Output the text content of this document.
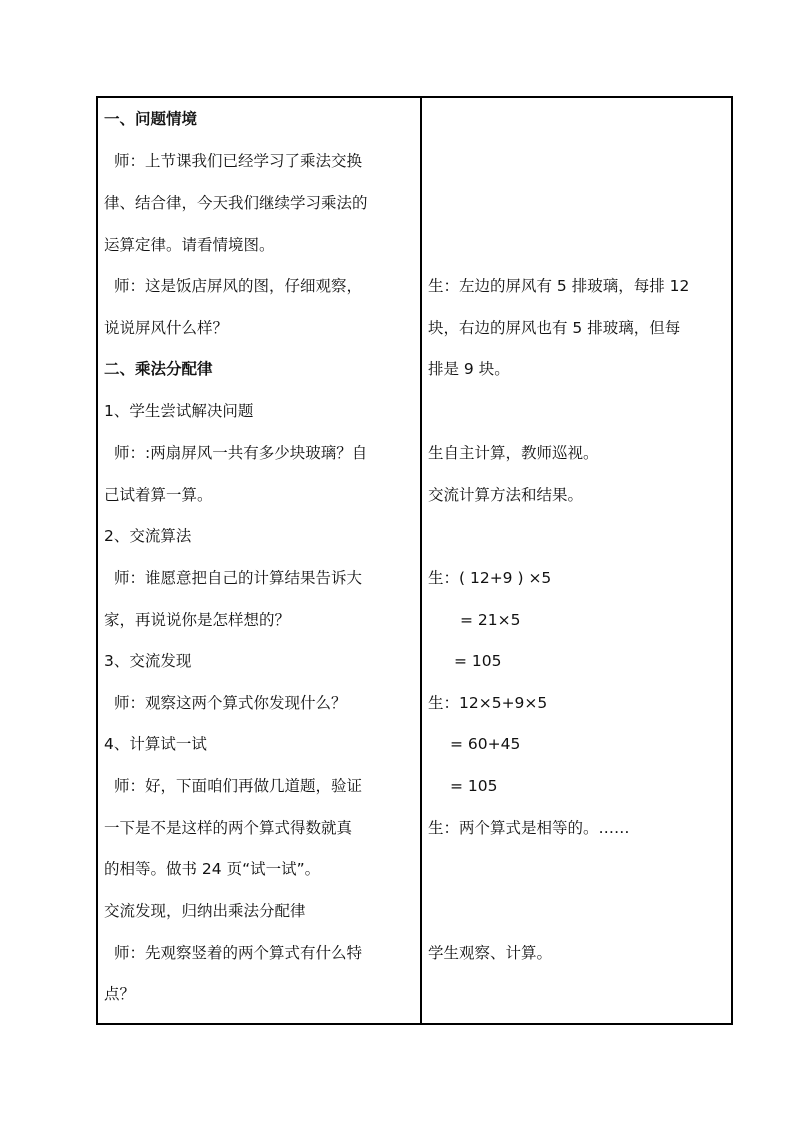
一、问题情境
师：上节课我们已经学习了乘法交换
律、结合律，今天我们继续学习乘法的
运算定律。请看情境图。
师：这是饭店屏风的图，仔细观察，
说说屏风什么样？
二、乘法分配律
1、学生尝试解决问题
师：:两扇屏风一共有多少块玻璃？自
己试着算一算。
2、交流算法
师：谁愿意把自己的计算结果告诉大
家，再说说你是怎样想的？
3、交流发现
师：观察这两个算式你发现什么？
4、计算试一试
师：好，下面咱们再做几道题，验证
一下是不是这样的两个算式得数就真
的相等。做书 24 页“试一试”。
交流发现，归纳出乘法分配律
师：先观察竖着的两个算式有什么特
点？
生：左边的屏风有 5 排玻璃，每排 12
块，右边的屏风也有 5 排玻璃，但每
排是 9 块。
生自主计算，教师巡视。
交流计算方法和结果。
生：( 12+9 ) ×5
= 21×5
= 105
生：12×5+9×5
= 60+45
= 105
生：两个算式是相等的。……
学生观察、计算。
